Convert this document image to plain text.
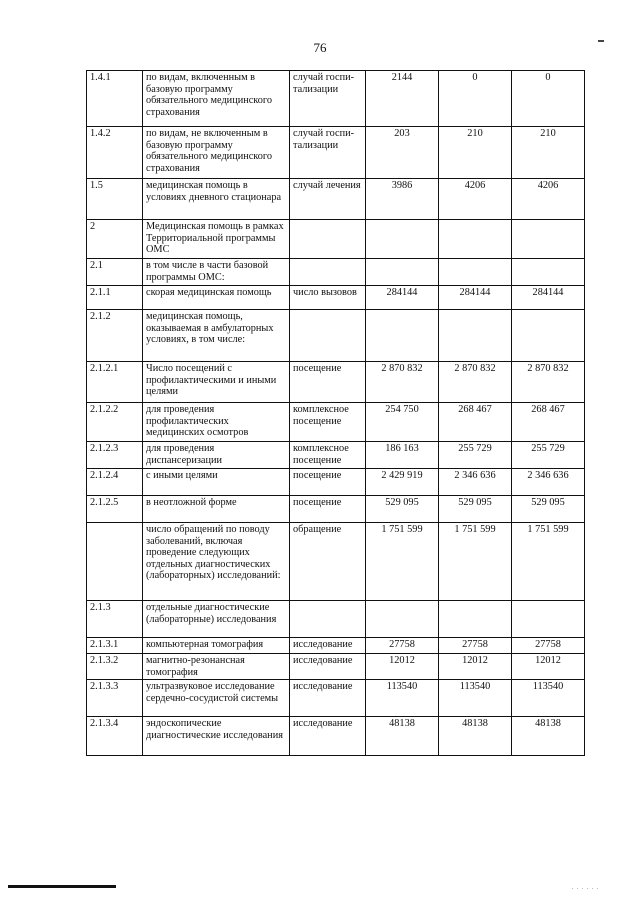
76
1.4.1	по видам, включенным в базовую программу обязательного медицинского страхования	случай госпи-тализации	2144	0	0
1.4.2	по видам, не включенным в базовую программу обязательного медицинского страхования	случай госпи-тализации	203	210	210
1.5	медицинская помощь в условиях дневного стационара	случай лечения	3986	4206	4206
2	Медицинская помощь в рамках Территориальной программы ОМС				
2.1	в том числе в части базовой программы ОМС:				
2.1.1	скорая медицинская помощь	число вызовов	284144	284144	284144
2.1.2	медицинская помощь, оказываемая в амбулаторных условиях, в том числе:				
2.1.2.1	Число посещений с профилактическими и иными целями	посещение	2 870 832	2 870 832	2 870 832
2.1.2.2	для проведения профилактических медицинских осмотров	комплексное посещение	254 750	268 467	268 467
2.1.2.3	для проведения диспансеризации	комплексное посещение	186 163	255 729	255 729
2.1.2.4	с иными целями	посещение	2 429 919	2 346 636	2 346 636
2.1.2.5	в неотложной форме	посещение	529 095	529 095	529 095
	число обращений по поводу заболеваний, включая проведение следующих отдельных диагностических (лабораторных) исследований:	обращение	1 751 599	1 751 599	1 751 599
2.1.3	отдельные диагностические (лабораторные) исследования				
2.1.3.1	компьютерная томография	исследование	27758	27758	27758
2.1.3.2	магнитно-резонансная томография	исследование	12012	12012	12012
2.1.3.3	ультразвуковое исследование сердечно-сосудистой системы	исследование	113540	113540	113540
2.1.3.4	эндоскопические диагностические исследования	исследование	48138	48138	48138
. . . . . .
